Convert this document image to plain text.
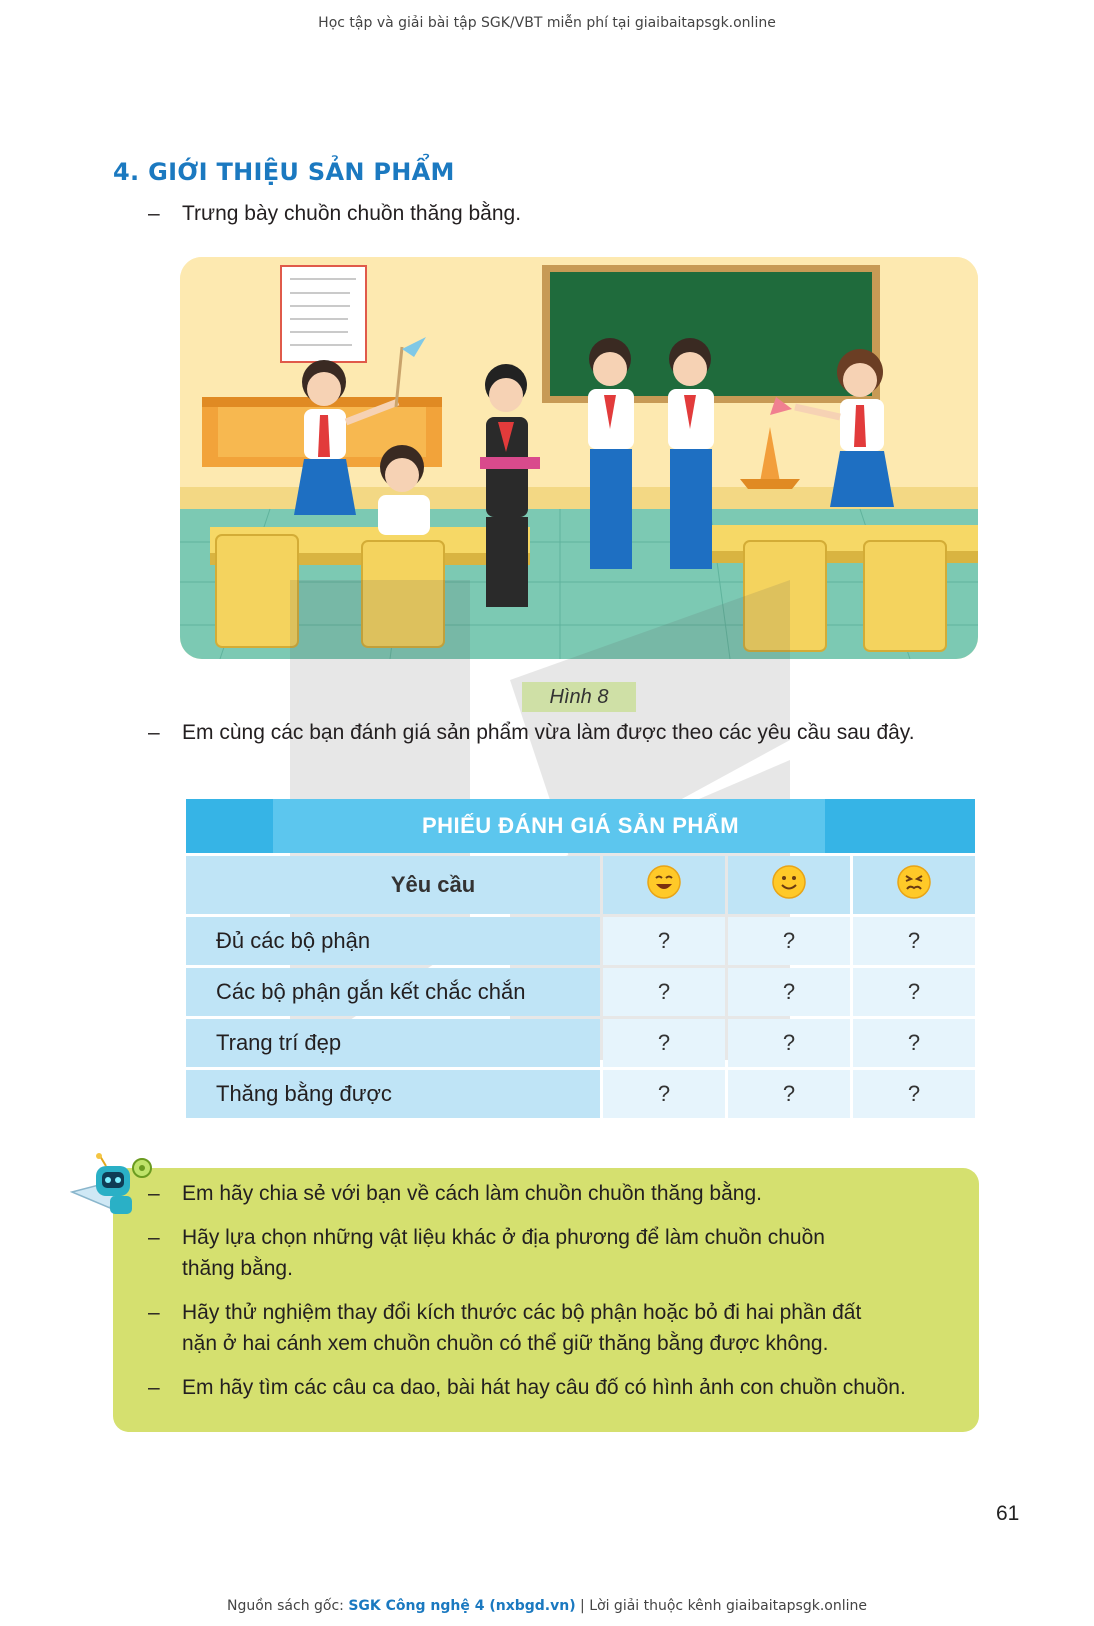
Học tập và giải bài tập SGK/VBT miễn phí tại giaibaitapsgk.online
4. GIỚI THIỆU SẢN PHẨM
– Trưng bày chuồn chuồn thăng bằng.
Hình 8
– Em cùng các bạn đánh giá sản phẩm vừa làm được theo các yêu cầu sau đây.
PHIẾU ĐÁNH GIÁ SẢN PHẨM			
Yêu cầu			
Đủ các bộ phận	?	?	?
Các bộ phận gắn kết chắc chắn	?	?	?
Trang trí đẹp	?	?	?
Thăng bằng được	?	?	?
– Em hãy chia sẻ với bạn về cách làm chuồn chuồn thăng bằng.
– Hãy lựa chọn những vật liệu khác ở địa phương để làm chuồn chuồn
thăng bằng.
– Hãy thử nghiệm thay đổi kích thước các bộ phận hoặc bỏ đi hai phần đất
nặn ở hai cánh xem chuồn chuồn có thể giữ thăng bằng được không.
– Em hãy tìm các câu ca dao, bài hát hay câu đố có hình ảnh con chuồn chuồn.
61
Nguồn sách gốc: SGK Công nghệ 4 (nxbgd.vn) | Lời giải thuộc kênh giaibaitapsgk.online
